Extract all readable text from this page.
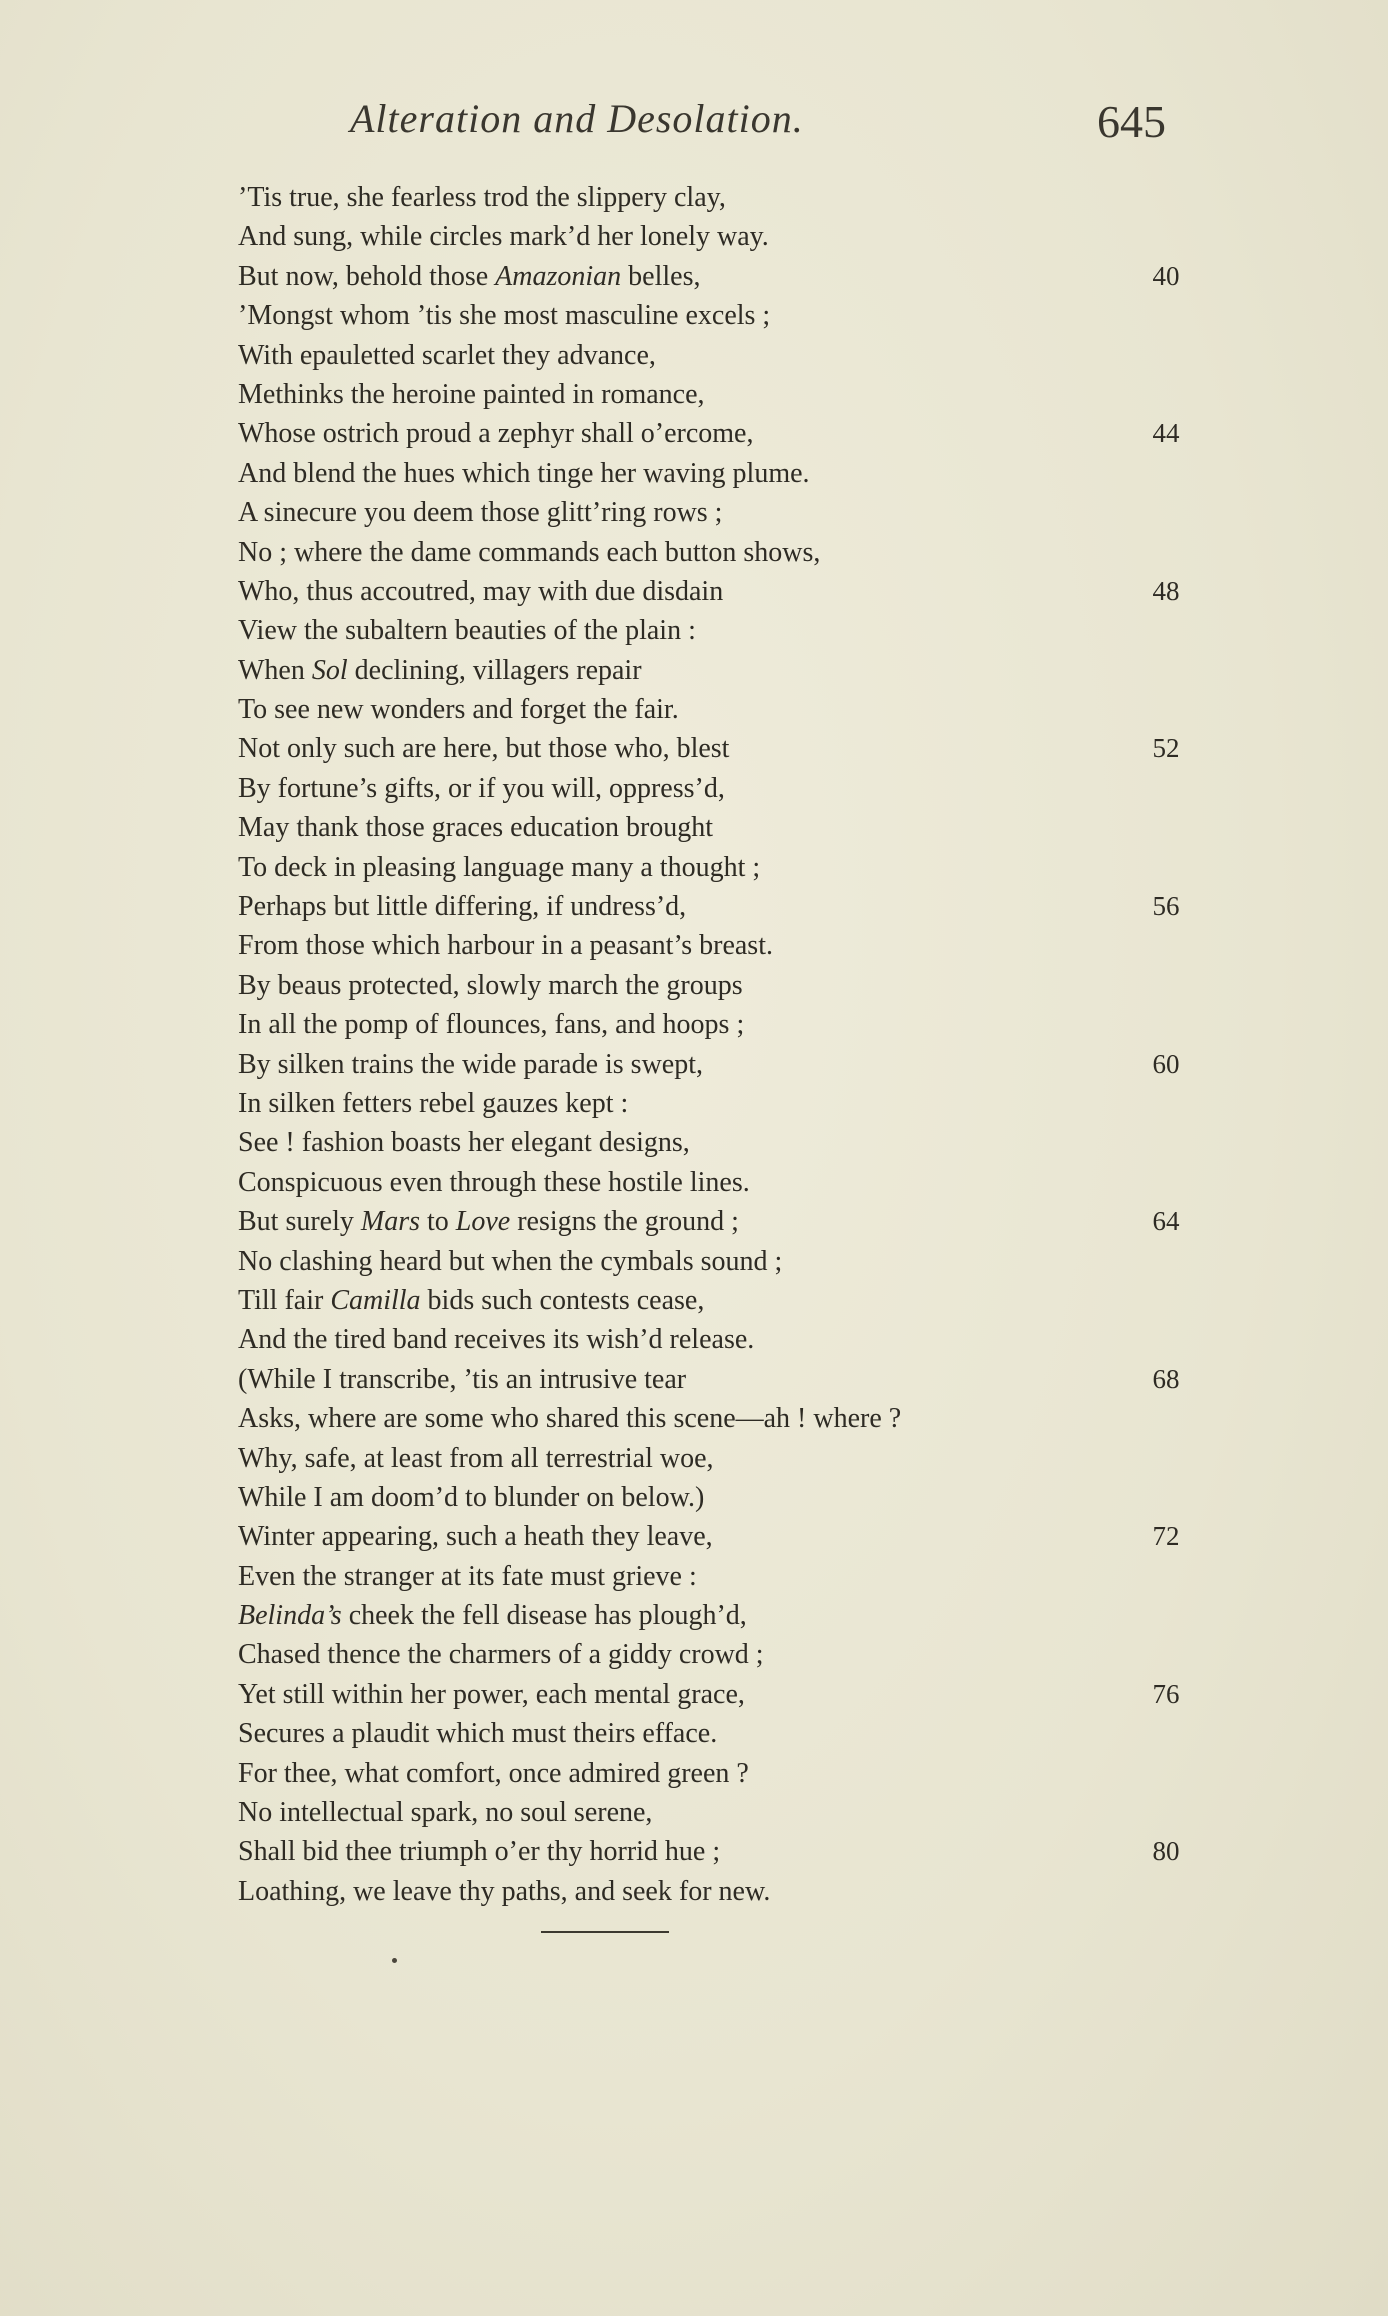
Alteration and Desolation.	645
’Tis true, she fearless trod the slippery clay,
And sung, while circles mark’d her lonely way.
But now, behold those Amazonian belles,	40
’Mongst whom ’tis she most masculine excels ;
With epauletted scarlet they advance,
Methinks the heroine painted in romance,
Whose ostrich proud a zephyr shall o’ercome,	44
And blend the hues which tinge her waving plume.
A sinecure you deem those glitt’ring rows ;
No ; where the dame commands each button shows,
Who, thus accoutred, may with due disdain	48
View the subaltern beauties of the plain :
When Sol declining, villagers repair
To see new wonders and forget the fair.
Not only such are here, but those who, blest	52
By fortune’s gifts, or if you will, oppress’d,
May thank those graces education brought
To deck in pleasing language many a thought ;
Perhaps but little differing, if undress’d,	56
From those which harbour in a peasant’s breast.
By beaus protected, slowly march the groups
In all the pomp of flounces, fans, and hoops ;
By silken trains the wide parade is swept,	60
In silken fetters rebel gauzes kept :
See ! fashion boasts her elegant designs,
Conspicuous even through these hostile lines.
But surely Mars to Love resigns the ground ;	64
No clashing heard but when the cymbals sound ;
Till fair Camilla bids such contests cease,
And the tired band receives its wish’d release.
(While I transcribe, ’tis an intrusive tear	68
Asks, where are some who shared this scene—ah ! where ?
Why, safe, at least from all terrestrial woe,
While I am doom’d to blunder on below.)
Winter appearing, such a heath they leave,	72
Even the stranger at its fate must grieve :
Belinda’s cheek the fell disease has plough’d,
Chased thence the charmers of a giddy crowd ;
Yet still within her power, each mental grace,	76
Secures a plaudit which must theirs efface.
For thee, what comfort, once admired green ?
No intellectual spark, no soul serene,
Shall bid thee triumph o’er thy horrid hue ;	80
Loathing, we leave thy paths, and seek for new.
